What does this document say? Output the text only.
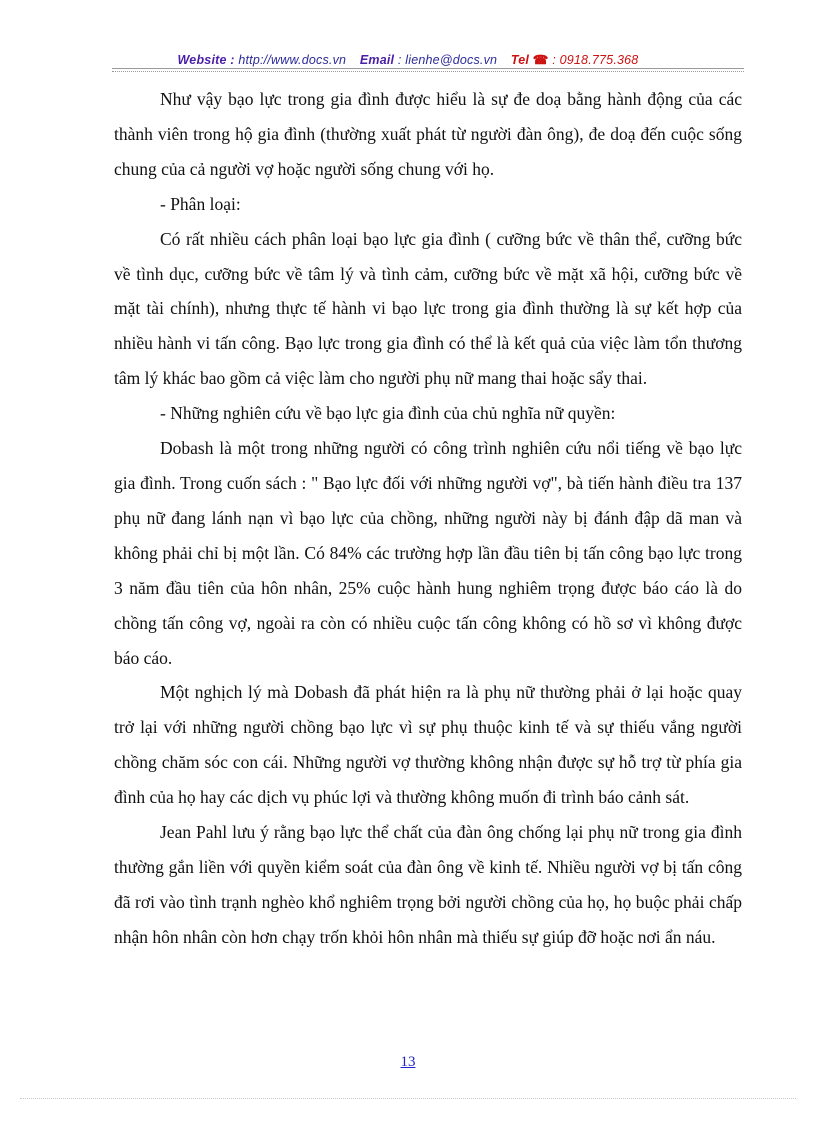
Website : http://www.docs.vn Email : lienhe@docs.vn Tel ☎ : 0918.775.368

Như vậy bạo lực trong gia đình được hiểu là sự đe doạ bằng hành động của các thành viên trong hộ gia đình (thường xuất phát từ người đàn ông), đe doạ đến cuộc sống chung của cả người vợ hoặc người sống chung với họ.

- Phân loại:

Có rất nhiều cách phân loại bạo lực gia đình ( cưỡng bức về thân thể, cưỡng bức về tình dục, cưỡng bức về tâm lý và tình cảm, cưỡng bức về mặt xã hội, cưỡng bức về mặt tài chính), nhưng thực tế hành vi bạo lực trong gia đình thường là sự kết hợp của nhiều hành vi tấn công. Bạo lực trong gia đình có thể là kết quả của việc làm tổn thương tâm lý khác bao gồm cả việc làm cho người phụ nữ mang thai hoặc sẩy thai.

- Những nghiên cứu về bạo lực gia đình của chủ nghĩa nữ quyền:

Dobash là một trong những người có công trình nghiên cứu nổi tiếng về bạo lực gia đình. Trong cuốn sách : " Bạo lực đối với những người vợ", bà tiến hành điều tra 137 phụ nữ đang lánh nạn vì bạo lực của chồng, những người này bị đánh đập dã man và không phải chỉ bị một lần. Có 84% các trường hợp lần đầu tiên bị tấn công bạo lực trong 3 năm đầu tiên của hôn nhân, 25% cuộc hành hung nghiêm trọng được báo cáo là do chồng tấn công vợ, ngoài ra còn có nhiều cuộc tấn công không có hồ sơ vì không được báo cáo.

Một nghịch lý mà Dobash đã phát hiện ra là phụ nữ thường phải ở lại hoặc quay trở lại với những người chồng bạo lực vì sự phụ thuộc kinh tế và sự thiếu vắng người chồng chăm sóc con cái. Những người vợ thường không nhận được sự hỗ trợ từ phía gia đình của họ hay các dịch vụ phúc lợi và thường không muốn đi trình báo cảnh sát.

Jean Pahl lưu ý rằng bạo lực thể chất của đàn ông chống lại phụ nữ trong gia đình thường gắn liền với quyền kiểm soát của đàn ông về kinh tế. Nhiều người vợ bị tấn công đã rơi vào tình trạnh nghèo khổ nghiêm trọng bởi người chồng của họ, họ buộc phải chấp nhận hôn nhân còn hơn chạy trốn khỏi hôn nhân mà thiếu sự giúp đỡ hoặc nơi ẩn náu.

13
